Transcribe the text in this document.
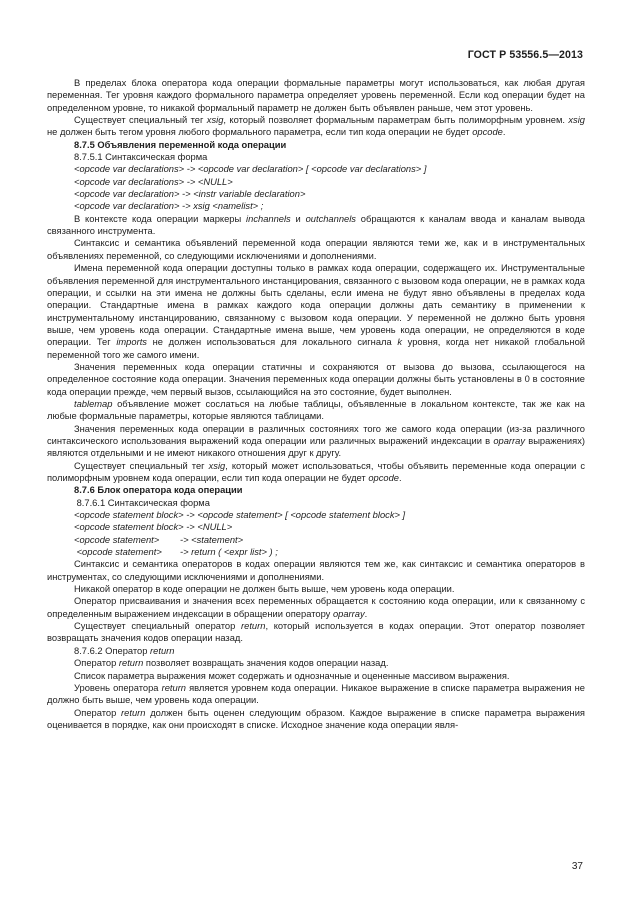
ГОСТ Р 53556.5—2013

В пределах блока оператора кода операции формальные параметры могут использоваться, как любая другая переменная. Тег уровня каждого формального параметра определяет уровень переменной. Если код операции будет на определенном уровне, то никакой формальный параметр не должен быть объявлен раньше, чем этот уровень.

Существует специальный тег xsig, который позволяет формальным параметрам быть полиморфным уровнем. xsig не должен быть тегом уровня любого формального параметра, если тип кода операции не будет opcode.

8.7.5 Объявления переменной кода операции

8.7.5.1 Синтаксическая форма

<opcode var declarations> -> <opcode var declaration> [ <opcode var declarations> ]

<opcode var declarations> -> <NULL>

<opcode var declaration> -> <instr variable declaration>

<opcode var declaration> -> xsig <namelist> ;

В контексте кода операции маркеры inchannels и outchannels обращаются к каналам ввода и каналам вывода связанного инструмента.

Синтаксис и семантика объявлений переменной кода операции являются теми же, как и в инструментальных объявлениях переменной, со следующими исключениями и дополнениями.

Имена переменной кода операции доступны только в рамках кода операции, содержащего их. Инструментальные объявления переменной для инструментального инстанцирования, связанного с вызовом кода операции, не в рамках кода операции, и ссылки на эти имена не должны быть сделаны, если имена не будут явно объявлены в пределах кода операции. Стандартные имена в рамках каждого кода операции должны дать семантику в применении к инструментальному инстанцированию, связанному с вызовом кода операции. У переменной не должно быть уровня выше, чем уровень кода операции. Стандартные имена выше, чем уровень кода операции, не определяются в коде операции. Тег imports не должен использоваться для локального сигнала k уровня, когда нет никакой глобальной переменной того же самого имени.

Значения переменных кода операции статичны и сохраняются от вызова до вызова, ссылающегося на определенное состояние кода операции. Значения переменных кода операции должны быть установлены в 0 в состояние кода операции прежде, чем первый вызов, ссылающийся на это состояние, будет выполнен.

tablemap объявление может сослаться на любые таблицы, объявленные в локальном контексте, так же как на любые формальные параметры, которые являются таблицами.

Значения переменных кода операции в различных состояниях того же самого кода операции (из-за различного синтаксического использования выражений кода операции или различных выражений индексации в oparray выражениях) являются отдельными и не имеют никакого отношения друг к другу.

Существует специальный тег xsig, который может использоваться, чтобы объявить переменные кода операции с полиморфным уровнем кода операции, если тип кода операции не будет opcode.

8.7.6 Блок оператора кода операции

8.7.6.1 Синтаксическая форма

<opcode statement block> -> <opcode statement> [ <opcode statement block> ]

<opcode statement block> -> <NULL>

<opcode statement>        -> <statement>

<opcode statement>       -> return ( <expr list> ) ;

Синтаксис и семантика операторов в кодах операции являются тем же, как синтаксис и семантика операторов в инструментах, со следующими исключениями и дополнениями.

Никакой оператор в коде операции не должен быть выше, чем уровень кода операции.

Оператор присваивания и значения всех переменных обращается к состоянию кода операции, или к связанному с определенным выражением индексации в обращении оператору oparray.

Существует специальный оператор return, который используется в кодах операции. Этот оператор позволяет возвращать значения кодов операции назад.

8.7.6.2 Оператор return

Оператор return позволяет возвращать значения кодов операции назад.

Список параметра выражения может содержать и однозначные и оцененные массивом выражения.

Уровень оператора return является уровнем кода операции. Никакое выражение в списке параметра выражения не должно быть выше, чем уровень кода операции.

Оператор return должен быть оценен следующим образом. Каждое выражение в списке параметра выражения оценивается в порядке, как они происходят в списке. Исходное значение кода операции явля-

37
